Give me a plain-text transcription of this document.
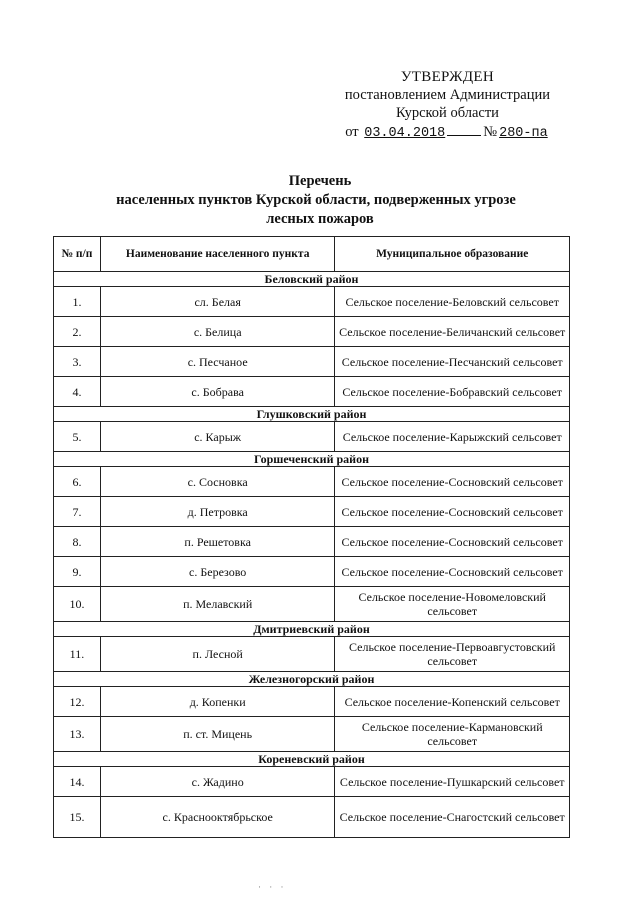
УТВЕРЖДЕН
постановлением Администрации
Курской области
от 03.04.2018	№ 280-па
Перечень
населенных пунктов Курской области, подверженных угрозе
лесных пожаров
№ п/п	Наименование населенного пункта	Муниципальное образование
Беловский район		
1.	сл. Белая	Сельское поселение-Беловский сельсовет
2.	с. Белица	Сельское поселение-Беличанский сельсовет
3.	с. Песчаное	Сельское поселение-Песчанский сельсовет
4.	с. Бобрава	Сельское поселение-Бобравский сельсовет
Глушковский район		
5.	с. Карыж	Сельское поселение-Карыжский сельсовет
Горшеченский район		
6.	с. Сосновка	Сельское поселение-Сосновский сельсовет
7.	д. Петровка	Сельское поселение-Сосновский сельсовет
8.	п. Решетовка	Сельское поселение-Сосновский сельсовет
9.	с. Березово	Сельское поселение-Сосновский сельсовет
10.	п. Мелавский	Сельское поселение-Новомеловский сельсовет
Дмитриевский район		
11.	п. Лесной	Сельское поселение-Первоавгустовский сельсовет
Железногорский район		
12.	д. Копенки	Сельское поселение-Копенский сельсовет
13.	п. ст. Мицень	Сельское поселение-Кармановский сельсовет
Кореневский район		
14.	с. Жадино	Сельское поселение-Пушкарский сельсовет
15.	с. Краснооктябрьское	Сельское поселение-Снагостский сельсовет
· · ·
